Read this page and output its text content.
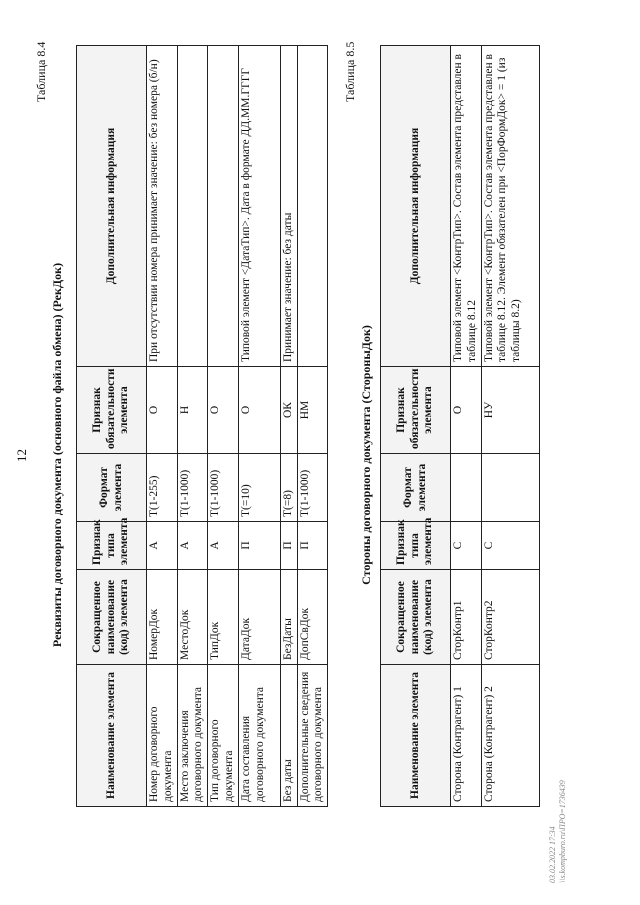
12
Таблица 8.4
Реквизиты договорного документа (основного файла обмена) (РекДок)
Наименование элемента	Сокращенное наименование (код) элемента	Признак типа элемента	Формат элемента	Признак обязательности элемента	Дополнительная информация
Номер договорного документа	НомерДок	А	T(1-255)	О	При отсутствии номера принимает значение: без номера (б/н)
Место заключения договорного документа	МестоДок	А	T(1-1000)	Н	
Тип договорного документа	ТипДок	А	T(1-1000)	О	
Дата составления договорного документа	ДатаДок	П	T(=10)	О	Типовой элемент <ДатаТип>. Дата в формате ДД.ММ.ГГГГ
Без даты	БезДаты	П	T(=8)	ОК	Принимает значение: без даты
Дополнительные сведения договорного документа	ДопСвДок	П	T(1-1000)	НМ	
Таблица 8.5
Стороны договорного документа (СтороныДок)
Наименование элемента	Сокращенное наименование (код) элемента	Признак типа элемента	Формат элемента	Признак обязательности элемента	Дополнительная информация
Сторона (Контрагент) 1	СторКонтр1	С		О	Типовой элемент <КонтрТип>. Состав элемента представлен в таблице 8.12
Сторона (Контрагент) 2	СторКонтр2	С		НУ	Типовой элемент <КонтрТип>. Состав элемента представлен в таблице 8.12. Элемент обязателен при <ПорФормДок> = 1 (из таблицы 8.2)
03.02.2022 17:34 \\s.kompburo.ru\ПРО=1736439
